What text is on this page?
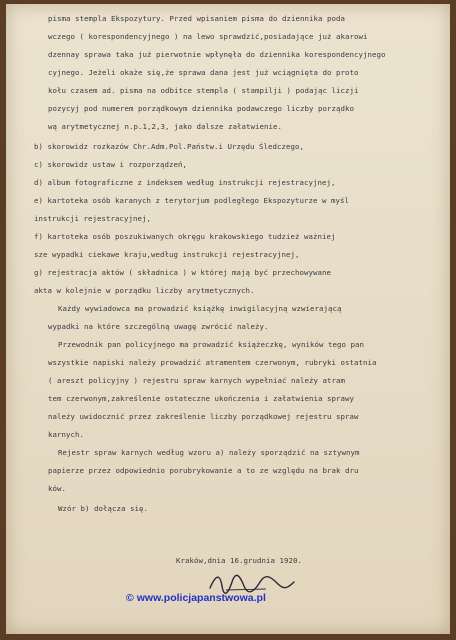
pisma stempla Ekspozytury. Przed wpisaniem pisma do dziennika poda
wczego ( korespondencyjnego ) na lewo sprawdzić,posiadające już akarowi
dzennay sprawa taka już pierwotnie wpłynęła do dziennika korespondencyjnego
cyjnego. Jeżeli okaże się,że sprawa dana jest już wciągnięta do proto
kołu czasem ad. pisma na odbitce stempla ( stampilji ) podając liczji
pozycyj pod numerem porządkowym dziennika podawczego liczby porządko
wą arytmetycznej n.p.1,2,3, jako dalsze załatwienie.
b) skorowidz rozkazów Chr.Adm.Pol.Państw.i Urzędu Śledczego,
c) skorowidz ustaw i rozporządzeń,
d) album fotograficzne z indeksem według instrukcji rejestracyjnej,
e) kartoteka osób karanych z terytorjum podległego Ekspozyturze w myśl
instrukcji rejestracyjnej,
f) kartoteka osób poszukiwanych okręgu krakowskiego tudzież ważniej
sze wypadki ciekawe kraju,według instrukcji rejestracyjnej,
g) rejestracja aktów ( składnica ) w której mają być przechowywane
akta w kolejnie w porządku liczby arytmetycznych.
Każdy wywiadowca ma prowadzić książkę inwigilacyjną wzwierającą
wypadki na które szczególną uwagę zwrócić należy.
Przewodnik pan policyjnego ma prowadzić książeczkę, wyników tego pan
wszystkie napiski należy prowadzić atramentem czerwonym, rubryki ostatnia
( areszt policyjny ) rejestru spraw karnych wypełniać należy atram
tem czerwonym,zakreślenie ostateczne ukończenia i załatwienia sprawy
należy uwidocznić przez zakreślenie liczby porządkowej rejestru spraw
karnych.
Rejestr spraw karnych według wzoru a) należy sporządzić na sztywnym
papierze przez odpowiednio porubrykowanie a to ze względu na brak dru
ków.
Wzór b) dołącza się.
Kraków,dnia 16.grudnia 1920.
© www.policjapanstwowa.pl
